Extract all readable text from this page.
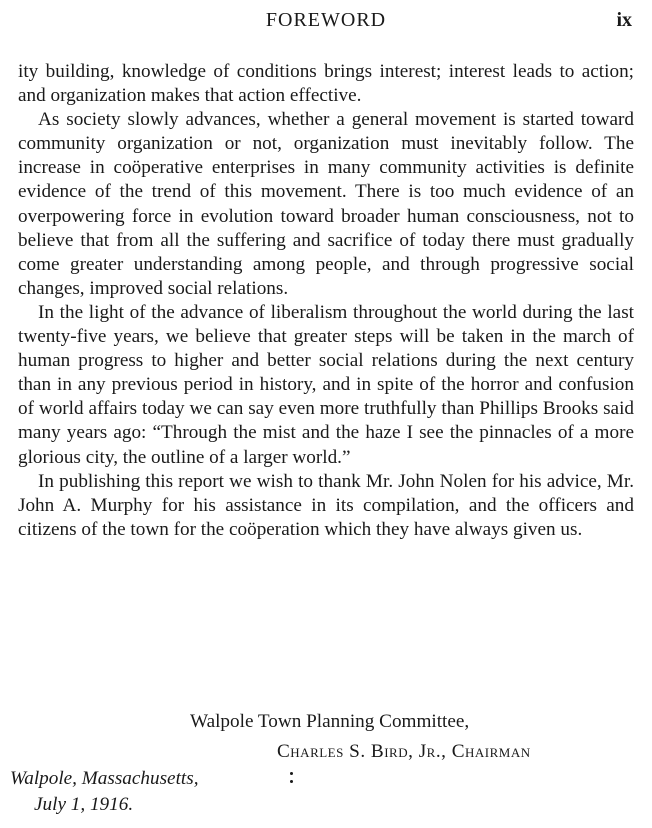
FOREWORD	ix

ity building, knowledge of conditions brings interest; interest leads to action; and organization makes that action effective.

As society slowly advances, whether a general movement is started toward community organization or not, organization must inevitably follow. The increase in coöperative enterprises in many community activities is definite evidence of the trend of this movement. There is too much evidence of an overpowering force in evolution toward broader human consciousness, not to believe that from all the suffering and sacrifice of today there must gradually come greater understanding among people, and through progressive social changes, improved social relations.

In the light of the advance of liberalism throughout the world during the last twenty-five years, we believe that greater steps will be taken in the march of human progress to higher and better social relations during the next century than in any previous period in history, and in spite of the horror and confusion of world affairs today we can say even more truthfully than Phillips Brooks said many years ago: “Through the mist and the haze I see the pinnacles of a more glorious city, the outline of a larger world.”

In publishing this report we wish to thank Mr. John Nolen for his advice, Mr. John A. Murphy for his assistance in its compilation, and the officers and citizens of the town for the coöperation which they have always given us.

Walpole Town Planning Committee,
Charles S. Bird, Jr., Chairman
Walpole, Massachusetts,
July 1, 1916.
